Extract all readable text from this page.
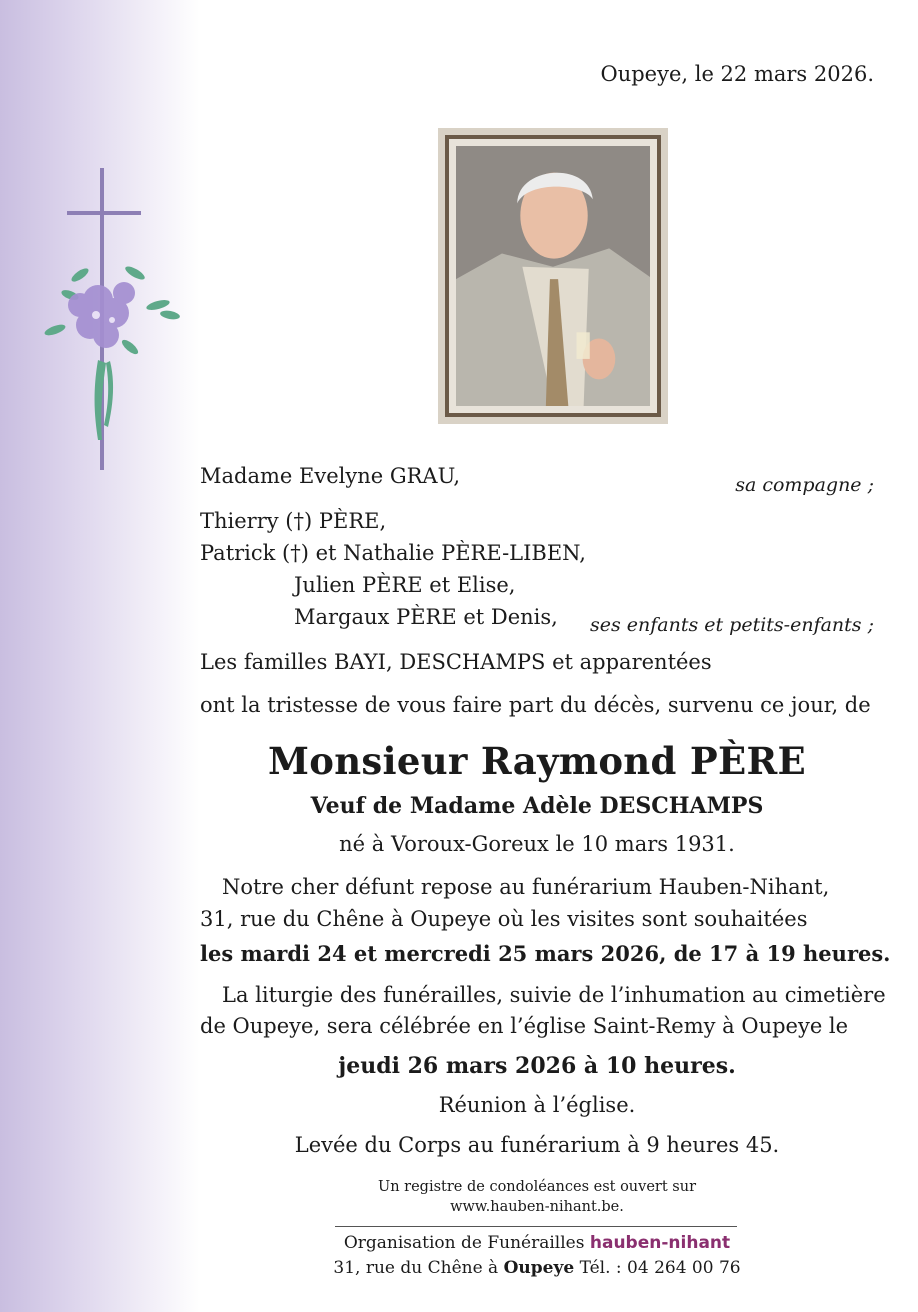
Oupeye, le 22 mars 2026.
Madame Evelyne GRAU,	sa compagne ;
Thierry (†) PÈRE,
Patrick (†) et Nathalie PÈRE-LIBEN,
Julien PÈRE et Elise,
Margaux PÈRE et Denis, ses enfants et petits-enfants ;
Les familles BAYI, DESCHAMPS et apparentées
ont la tristesse de vous faire part du décès, survenu ce jour, de
Monsieur Raymond PÈRE
Veuf de Madame Adèle DESCHAMPS
né à Voroux-Goreux le 10 mars 1931.
Notre cher défunt repose au funérarium Hauben-Nihant,
31, rue du Chêne à Oupeye où les visites sont souhaitées
les mardi 24 et mercredi 25 mars 2026, de 17 à 19 heures.
La liturgie des funérailles, suivie de l’inhumation au cimetière
de Oupeye, sera célébrée en l’église Saint-Remy à Oupeye le
jeudi 26 mars 2026 à 10 heures.
Réunion à l’église.
Levée du Corps au funérarium à 9 heures 45.
Un registre de condoléances est ouvert sur
www.hauben-nihant.be.
Organisation de Funérailles hauben-nihant
31, rue du Chêne à Oupeye Tél. : 04 264 00 76
